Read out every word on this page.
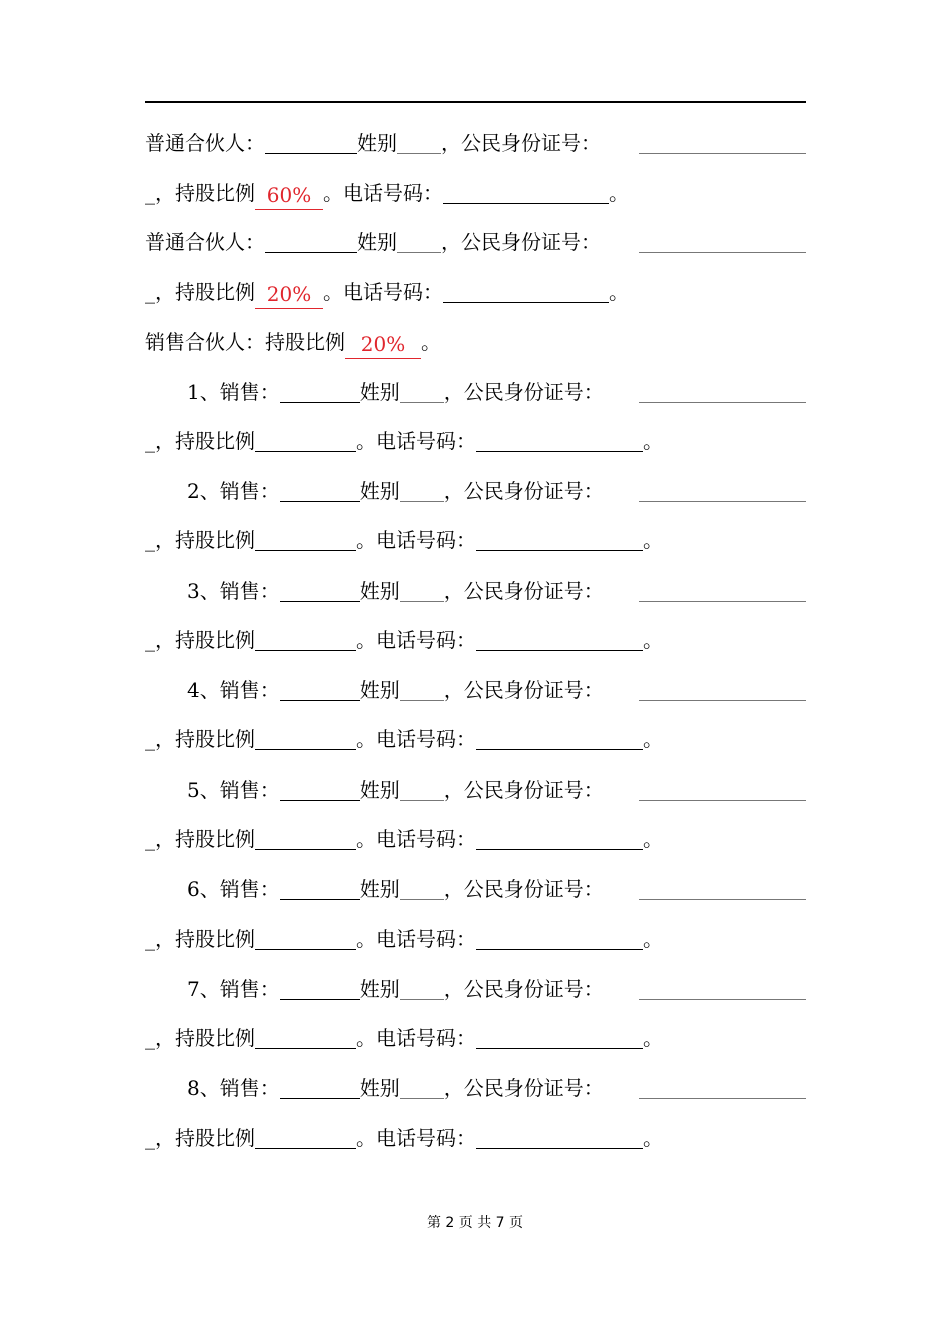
普通合伙人：	姓别 ，公民身份证号：
_，持股比例 60% 。电话号码：	。
普通合伙人：	姓别 ，公民身份证号：
_，持股比例 20% 。电话号码：	。
销售合伙人：持股比例 20% 。
1、销售：	姓别 ，公民身份证号：
_，持股比例	。电话号码：	。
2、销售：	姓别 ，公民身份证号：
_，持股比例	。电话号码：	。
3、销售：	姓别 ，公民身份证号：
_，持股比例	。电话号码：	。
4、销售：	姓别 ，公民身份证号：
_，持股比例	。电话号码：	。
5、销售：	姓别 ，公民身份证号：
_，持股比例	。电话号码：	。
6、销售：	姓别 ，公民身份证号：
_，持股比例	。电话号码：	。
7、销售：	姓别 ，公民身份证号：
_，持股比例	。电话号码：	。
8、销售：	姓别 ，公民身份证号：
_，持股比例	。电话号码：	。
第 2 页 共 7 页
